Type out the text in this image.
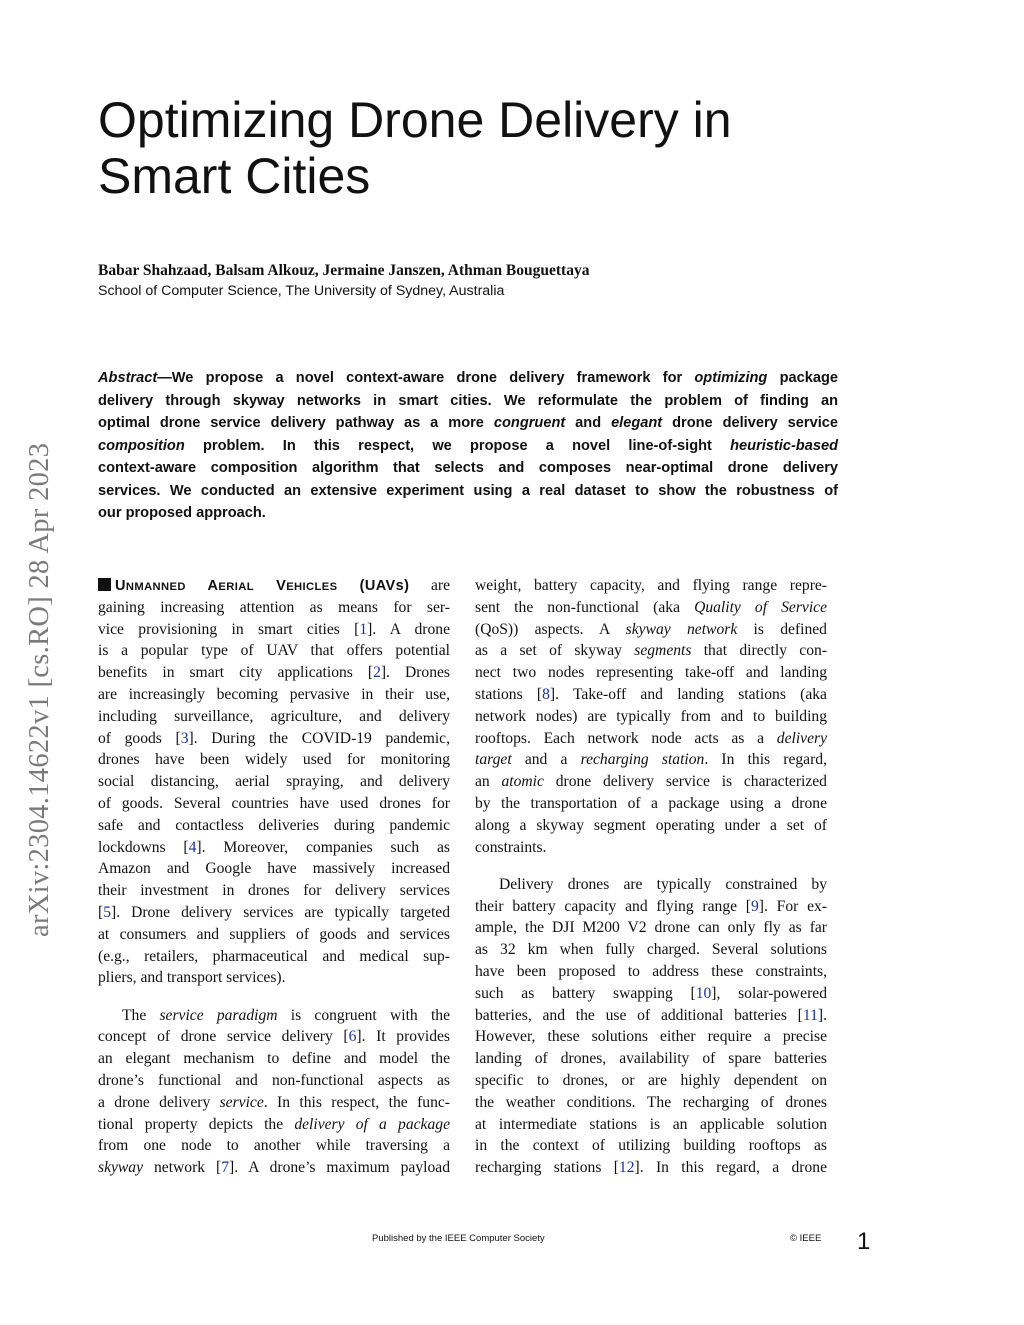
arXiv:2304.14622v1 [cs.RO] 28 Apr 2023
Optimizing Drone Delivery in
Smart Cities
Babar Shahzaad, Balsam Alkouz, Jermaine Janszen, Athman Bouguettaya
School of Computer Science, The University of Sydney, Australia
Abstract—We propose a novel context-aware drone delivery framework for optimizing package
delivery through skyway networks in smart cities. We reformulate the problem of finding an
optimal drone service delivery pathway as a more congruent and elegant drone delivery service
composition problem. In this respect, we propose a novel line-of-sight heuristic-based
context-aware composition algorithm that selects and composes near-optimal drone delivery
services. We conducted an extensive experiment using a real dataset to show the robustness of
our proposed approach.
UNMANNED AERIAL VEHICLES (UAVs) are
gaining increasing attention as means for ser-
vice provisioning in smart cities [1]. A drone
is a popular type of UAV that offers potential
benefits in smart city applications [2]. Drones
are increasingly becoming pervasive in their use,
including surveillance, agriculture, and delivery
of goods [3]. During the COVID-19 pandemic,
drones have been widely used for monitoring
social distancing, aerial spraying, and delivery
of goods. Several countries have used drones for
safe and contactless deliveries during pandemic
lockdowns [4]. Moreover, companies such as
Amazon and Google have massively increased
their investment in drones for delivery services
[5]. Drone delivery services are typically targeted
at consumers and suppliers of goods and services
(e.g., retailers, pharmaceutical and medical sup-
pliers, and transport services).
The service paradigm is congruent with the
concept of drone service delivery [6]. It provides
an elegant mechanism to define and model the
drone’s functional and non-functional aspects as
a drone delivery service. In this respect, the func-
tional property depicts the delivery of a package
from one node to another while traversing a
skyway network [7]. A drone’s maximum payload
weight, battery capacity, and flying range repre-
sent the non-functional (aka Quality of Service
(QoS)) aspects. A skyway network is defined
as a set of skyway segments that directly con-
nect two nodes representing take-off and landing
stations [8]. Take-off and landing stations (aka
network nodes) are typically from and to building
rooftops. Each network node acts as a delivery
target and a recharging station. In this regard,
an atomic drone delivery service is characterized
by the transportation of a package using a drone
along a skyway segment operating under a set of
constraints.
Delivery drones are typically constrained by
their battery capacity and flying range [9]. For ex-
ample, the DJI M200 V2 drone can only fly as far
as 32 km when fully charged. Several solutions
have been proposed to address these constraints,
such as battery swapping [10], solar-powered
batteries, and the use of additional batteries [11].
However, these solutions either require a precise
landing of drones, availability of spare batteries
specific to drones, or are highly dependent on
the weather conditions. The recharging of drones
at intermediate stations is an applicable solution
in the context of utilizing building rooftops as
recharging stations [12]. In this regard, a drone
Published by the IEEE Computer Society	© IEEE 1
